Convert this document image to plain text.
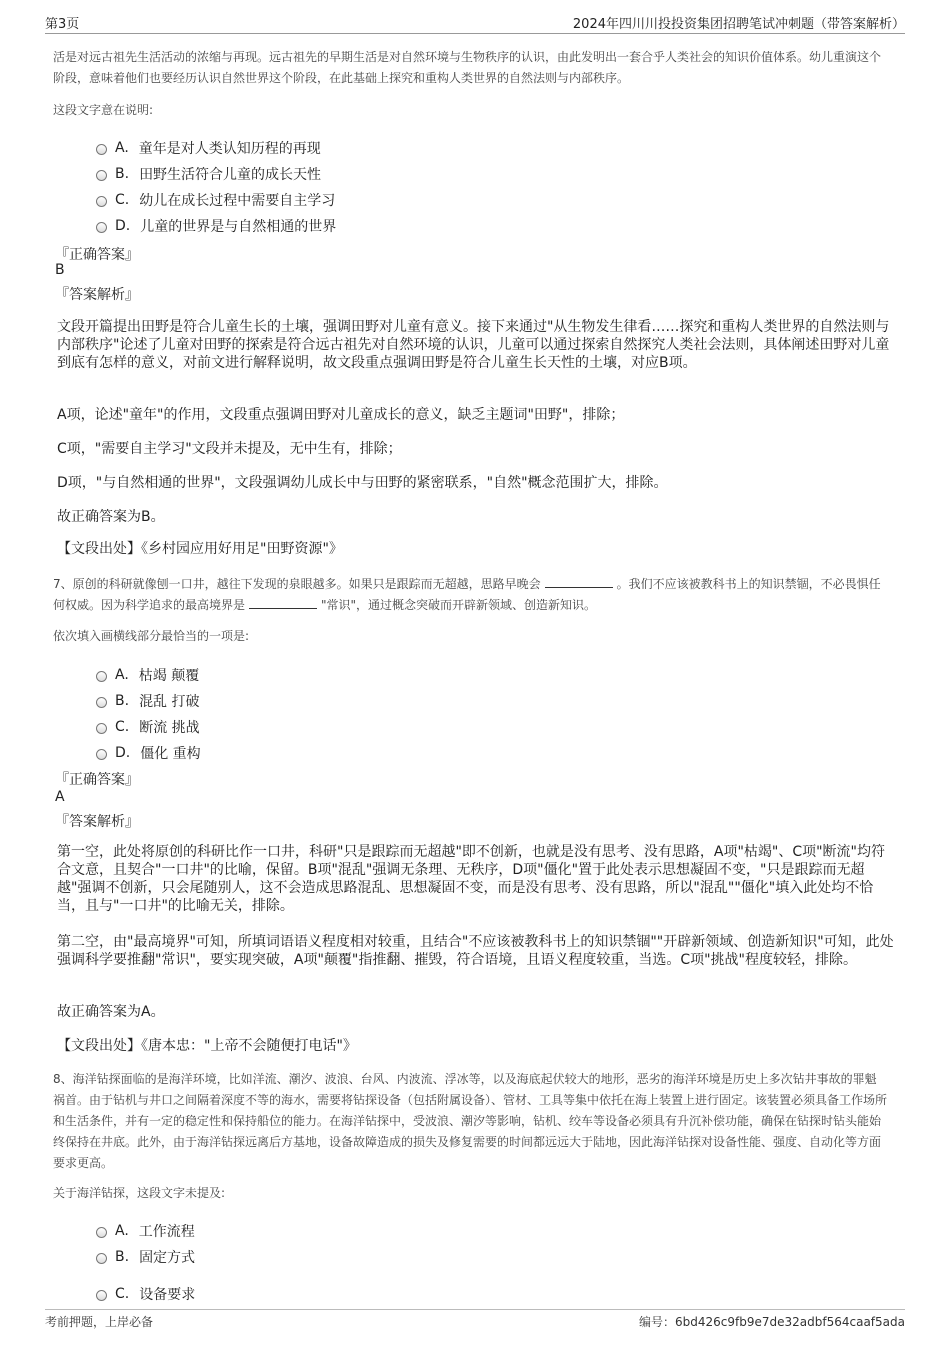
第3页	2024年四川川投投资集团招聘笔试冲刺题（带答案解析）
活是对远古祖先生活活动的浓缩与再现。远古祖先的早期生活是对自然环境与生物秩序的认识，由此发明出一套合乎人类社会的知识价值体系。幼儿重演这个阶段，意味着他们也要经历认识自然世界这个阶段，在此基础上探究和重构人类世界的自然法则与内部秩序。
这段文字意在说明:
A. 童年是对人类认知历程的再现
B. 田野生活符合儿童的成长天性
C. 幼儿在成长过程中需要自主学习
D. 儿童的世界是与自然相通的世界
『正确答案』
B
『答案解析』
文段开篇提出田野是符合儿童生长的土壤，强调田野对儿童有意义。接下来通过"从生物发生律看……探究和重构人类世界的自然法则与内部秩序"论述了儿童对田野的探索是符合远古祖先对自然环境的认识，儿童可以通过探索自然探究人类社会法则，具体阐述田野对儿童到底有怎样的意义，对前文进行解释说明，故文段重点强调田野是符合儿童生长天性的土壤，对应B项。
A项，论述"童年"的作用，文段重点强调田野对儿童成长的意义，缺乏主题词"田野"，排除；
C项，"需要自主学习"文段并未提及，无中生有，排除；
D项，"与自然相通的世界"，文段强调幼儿成长中与田野的紧密联系，"自然"概念范围扩大，排除。
故正确答案为B。
【文段出处】《乡村园应用好用足"田野资源"》
7、原创的科研就像刨一口井，越往下发现的泉眼越多。如果只是跟踪而无超越，思路早晚会	。我们不应该被教科书上的知识禁锢，不必畏惧任何权威。因为科学追求的最高境界是	"常识"，通过概念突破而开辟新领域、创造新知识。
依次填入画横线部分最恰当的一项是:
A. 枯竭 颠覆
B. 混乱 打破
C. 断流 挑战
D. 僵化 重构
『正确答案』
A
『答案解析』
第一空，此处将原创的科研比作一口井，科研"只是跟踪而无超越"即不创新，也就是没有思考、没有思路，A项"枯竭"、C项"断流"均符合文意，且契合"一口井"的比喻，保留。B项"混乱"强调无条理、无秩序，D项"僵化"置于此处表示思想凝固不变，"只是跟踪而无超越"强调不创新，只会尾随别人，这不会造成思路混乱、思想凝固不变，而是没有思考、没有思路，所以"混乱""僵化"填入此处均不恰当，且与"一口井"的比喻无关，排除。
第二空，由"最高境界"可知，所填词语语义程度相对较重，且结合"不应该被教科书上的知识禁锢""开辟新领域、创造新知识"可知，此处强调科学要推翻"常识"，要实现突破，A项"颠覆"指推翻、摧毁，符合语境，且语义程度较重，当选。C项"挑战"程度较轻，排除。
故正确答案为A。
【文段出处】《唐本忠："上帝不会随便打电话"》
8、海洋钻探面临的是海洋环境，比如洋流、潮汐、波浪、台风、内波流、浮冰等，以及海底起伏较大的地形，恶劣的海洋环境是历史上多次钻井事故的罪魁祸首。由于钻机与井口之间隔着深度不等的海水，需要将钻探设备（包括附属设备）、管材、工具等集中依托在海上装置上进行固定。该装置必须具备工作场所和生活条件，并有一定的稳定性和保持船位的能力。在海洋钻探中，受波浪、潮汐等影响，钻机、绞车等设备必须具有升沉补偿功能，确保在钻探时钻头能始终保持在井底。此外，由于海洋钻探远离后方基地，设备故障造成的损失及修复需要的时间都远远大于陆地，因此海洋钻探对设备性能、强度、自动化等方面要求更高。
关于海洋钻探，这段文字未提及:
A. 工作流程
B. 固定方式
C. 设备要求
考前押题，上岸必备	编号：6bd426c9fb9e7de32adbf564caaf5ada
